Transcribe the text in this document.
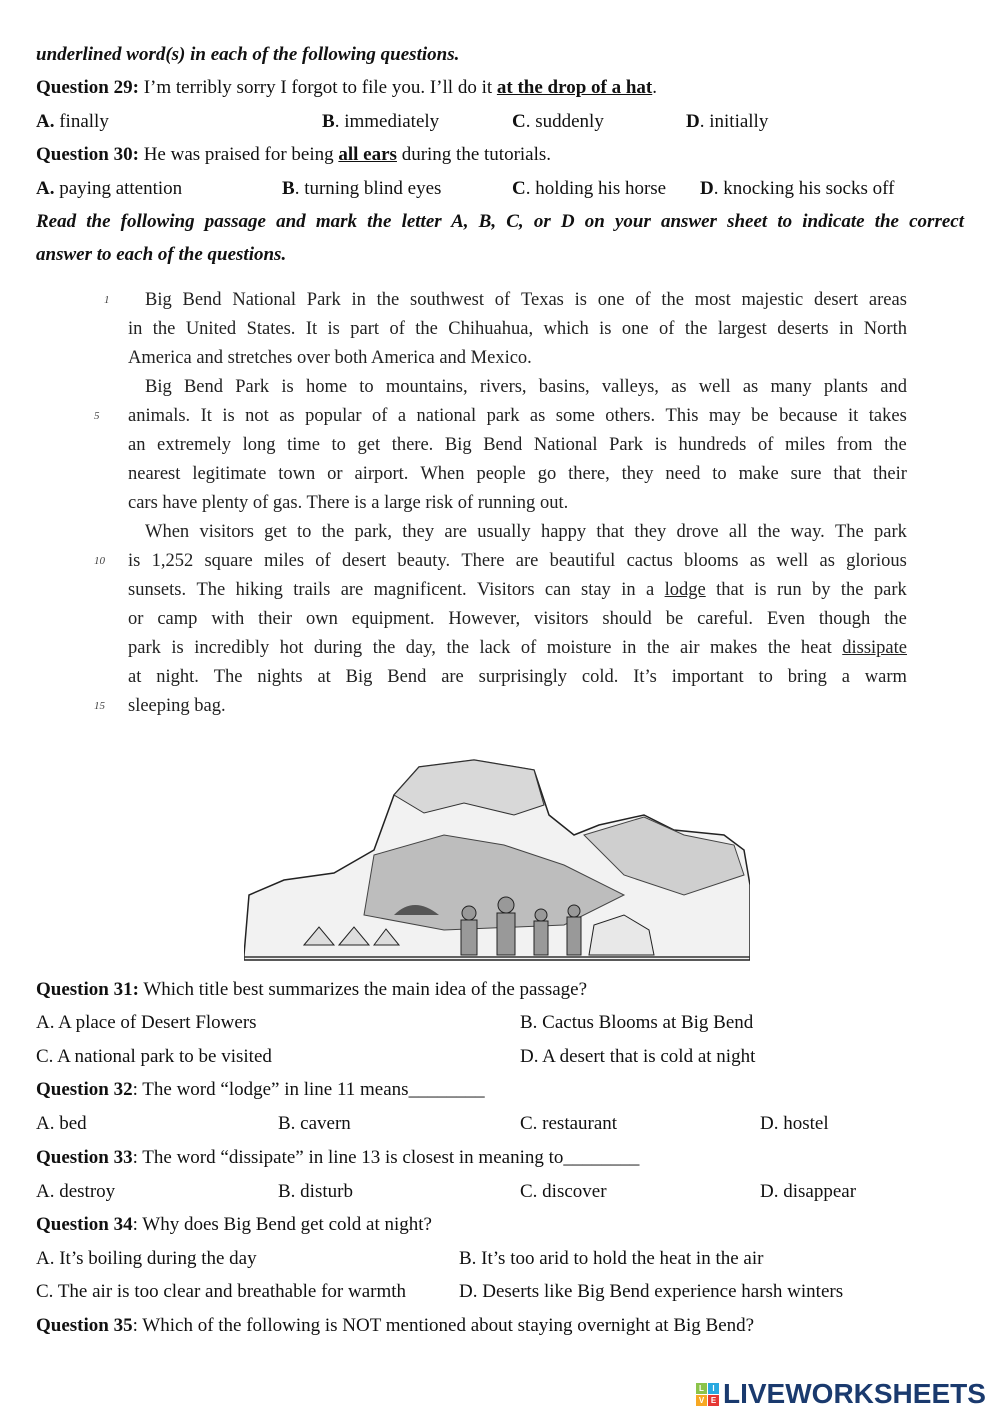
underlined word(s) in each of the following questions.
Question 29: I’m terribly sorry I forgot to file you. I’ll do it at the drop of a hat.
A. finally	B. immediately	C. suddenly	D. initially
Question 30: He was praised for being all ears during the tutorials.
A. paying attention	B. turning blind eyes	C. holding his horse D. knocking his socks off
Read the following passage and mark the letter A, B, C, or D on your answer sheet to indicate the correct
answer to each of the questions.
Big Bend National Park in the southwest of Texas is one of the most majestic desert areas
1
in the United States. It is part of the Chihuahua, which is one of the largest deserts in North
America and stretches over both America and Mexico.
Big Bend Park is home to mountains, rivers, basins, valleys, as well as many plants and
animals. It is not as popular of a national park as some others. This may be because it takes
5
an extremely long time to get there. Big Bend National Park is hundreds of miles from the
nearest legitimate town or airport. When people go there, they need to make sure that their
cars have plenty of gas. There is a large risk of running out.
When visitors get to the park, they are usually happy that they drove all the way. The park
is 1,252 square miles of desert beauty. There are beautiful cactus blooms as well as glorious
10
sunsets. The hiking trails are magnificent. Visitors can stay in a lodge that is run by the park
or camp with their own equipment. However, visitors should be careful. Even though the
park is incredibly hot during the day, the lack of moisture in the air makes the heat dissipate
at night. The nights at Big Bend are surprisingly cold. It’s important to bring a warm
sleeping bag.
15
Question 31: Which title best summarizes the main idea of the passage?
A. A place of Desert Flowers	B. Cactus Blooms at Big Bend
C. A national park to be visited	D. A desert that is cold at night
Question 32: The word “lodge” in line 11 means________
A. bed	B. cavern	C. restaurant	D. hostel
Question 33: The word “dissipate” in line 13 is closest in meaning to________
A. destroy	B. disturb	C. discover	D. disappear
Question 34: Why does Big Bend get cold at night?
A. It’s boiling during the day	B. It’s too arid to hold the heat in the air
C. The air is too clear and breathable for warmth	D. Deserts like Big Bend experience harsh winters
Question 35: Which of the following is NOT mentioned about staying overnight at Big Bend?
L	I
V E LIVEWORKSHEETS
